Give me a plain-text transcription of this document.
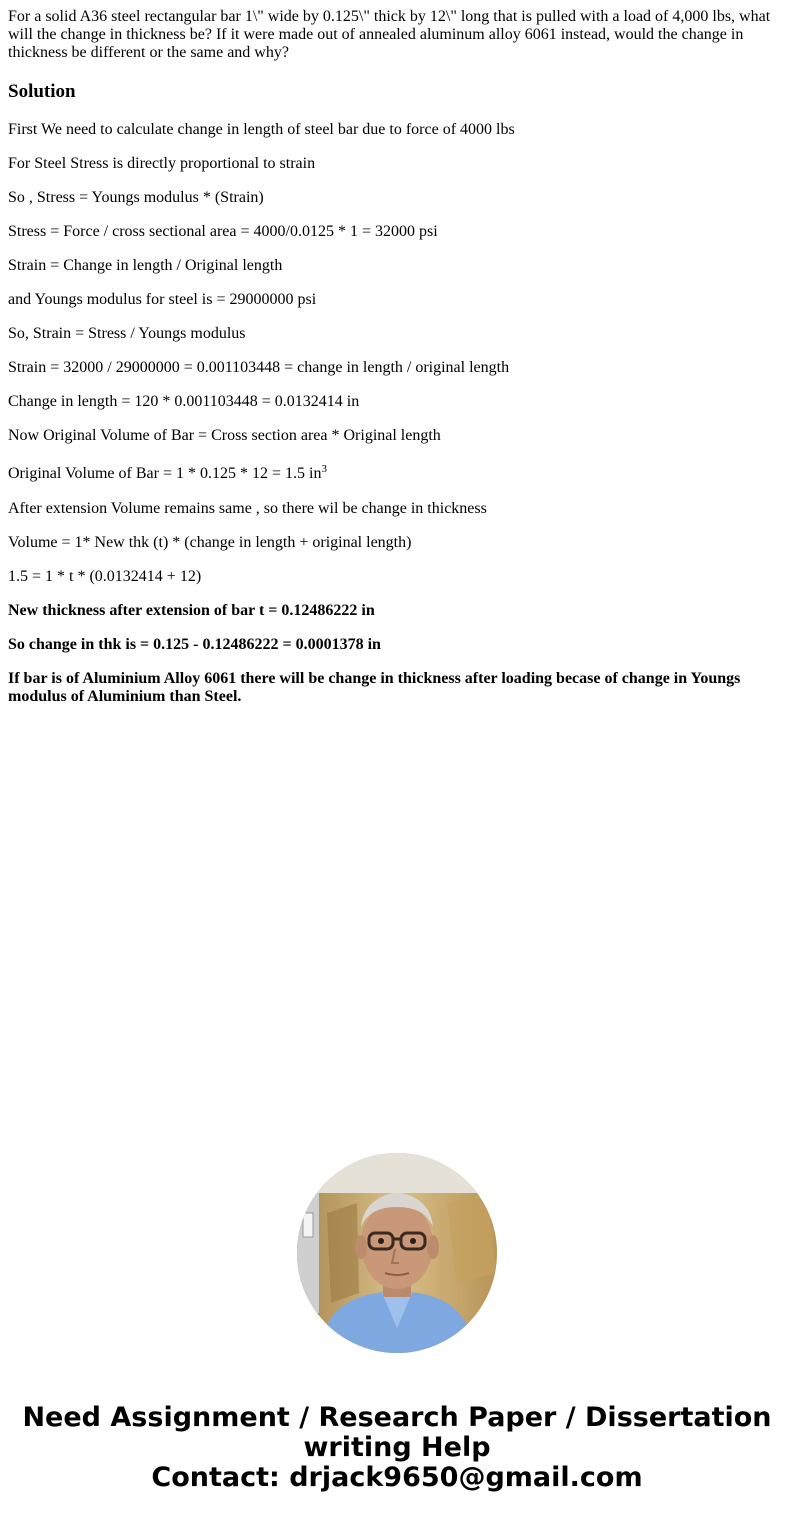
For a solid A36 steel rectangular bar 1\" wide by 0.125\" thick by 12\" long that is pulled with a load of 4,000 lbs, what will the change in thickness be? If it were made out of annealed aluminum alloy 6061 instead, would the change in thickness be different or the same and why?

Solution

First We need to calculate change in length of steel bar due to force of 4000 lbs

For Steel Stress is directly proportional to strain

So , Stress = Youngs modulus * (Strain)

Stress = Force / cross sectional area = 4000/0.0125 * 1 = 32000 psi

Strain = Change in length / Original length

and Youngs modulus for steel is = 29000000 psi

So, Strain = Stress / Youngs modulus

Strain = 32000 / 29000000 = 0.001103448 = change in length / original length

Change in length = 120 * 0.001103448 = 0.0132414 in

Now Original Volume of Bar = Cross section area * Original length

Original Volume of Bar = 1 * 0.125 * 12 = 1.5 $in^3$

After extension Volume remains same , so there wil be change in thickness

Volume = 1* New thk (t) * (change in length + original length)

1.5 = 1 * t * (0.0132414 + 12)

New thickness after extension of bar t = 0.12486222 in

So change in thk is = 0.125 - 0.12486222 = 0.0001378 in

If bar is of Aluminium Alloy 6061 there will be change in thickness after loading becase of change in Youngs modulus of Aluminium than Steel.

Need Assignment / Research Paper / Dissertation
writing Help
Contact: drjack9650@gmail.com
